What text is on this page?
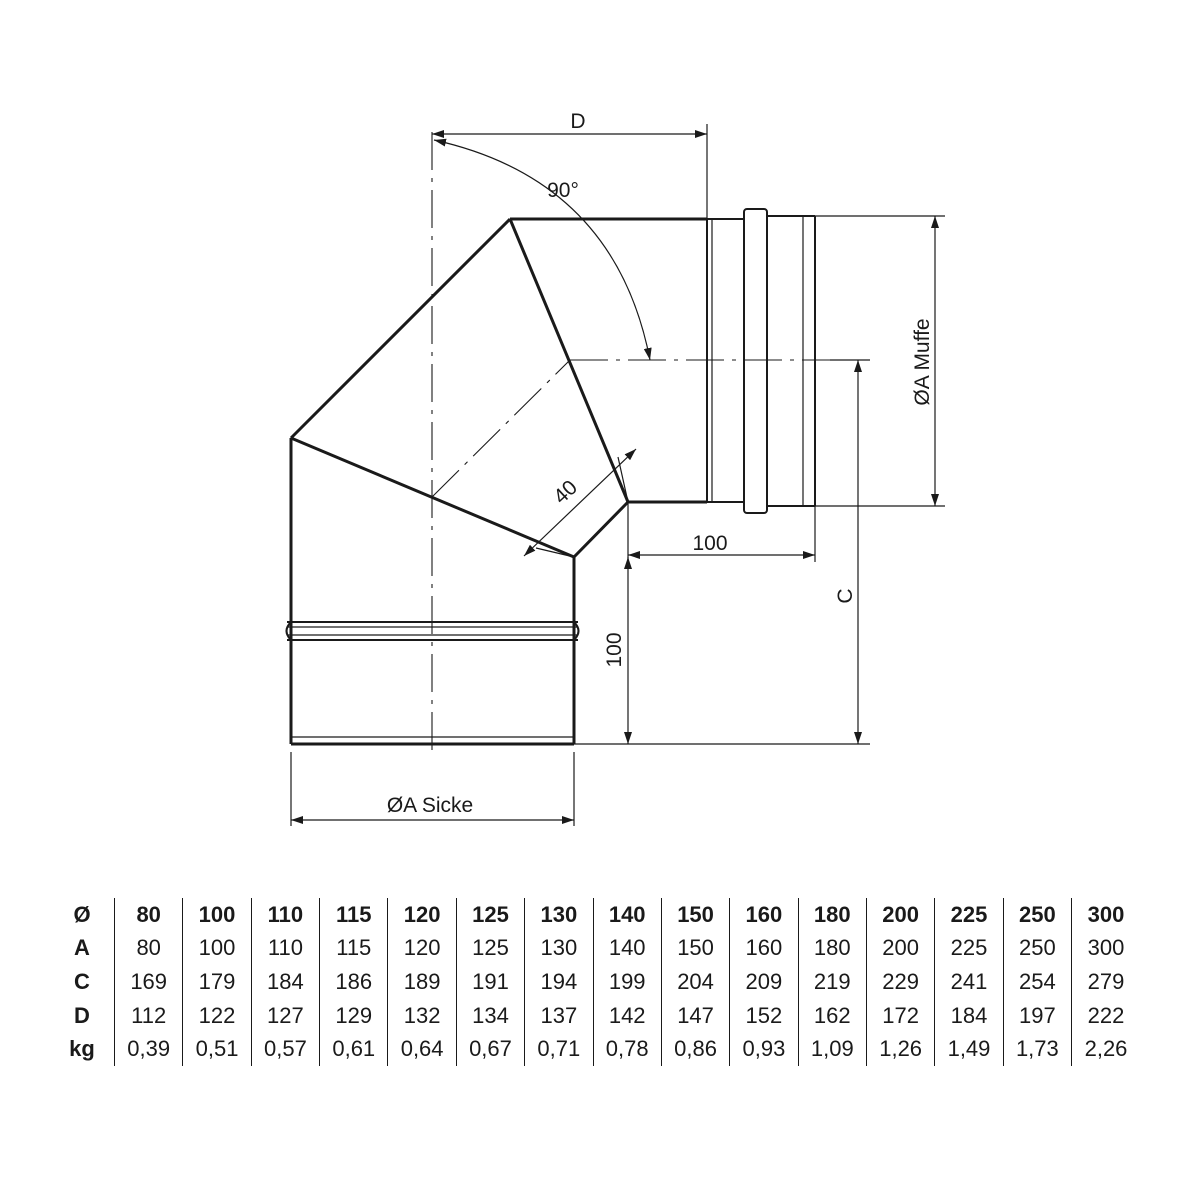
D
90°
40
100
100
C
ØA Muffe
ØA Sicke
Ø	80	100	110	115	120	125	130	140	150	160	180	200	225	250	300
A	80	100	110	115	120	125	130	140	150	160	180	200	225	250	300
C	169	179	184	186	189	191	194	199	204	209	219	229	241	254	279
D	112	122	127	129	132	134	137	142	147	152	162	172	184	197	222
kg	0,39	0,51	0,57	0,61	0,64	0,67	0,71	0,78	0,86	0,93	1,09	1,26	1,49	1,73	2,26
